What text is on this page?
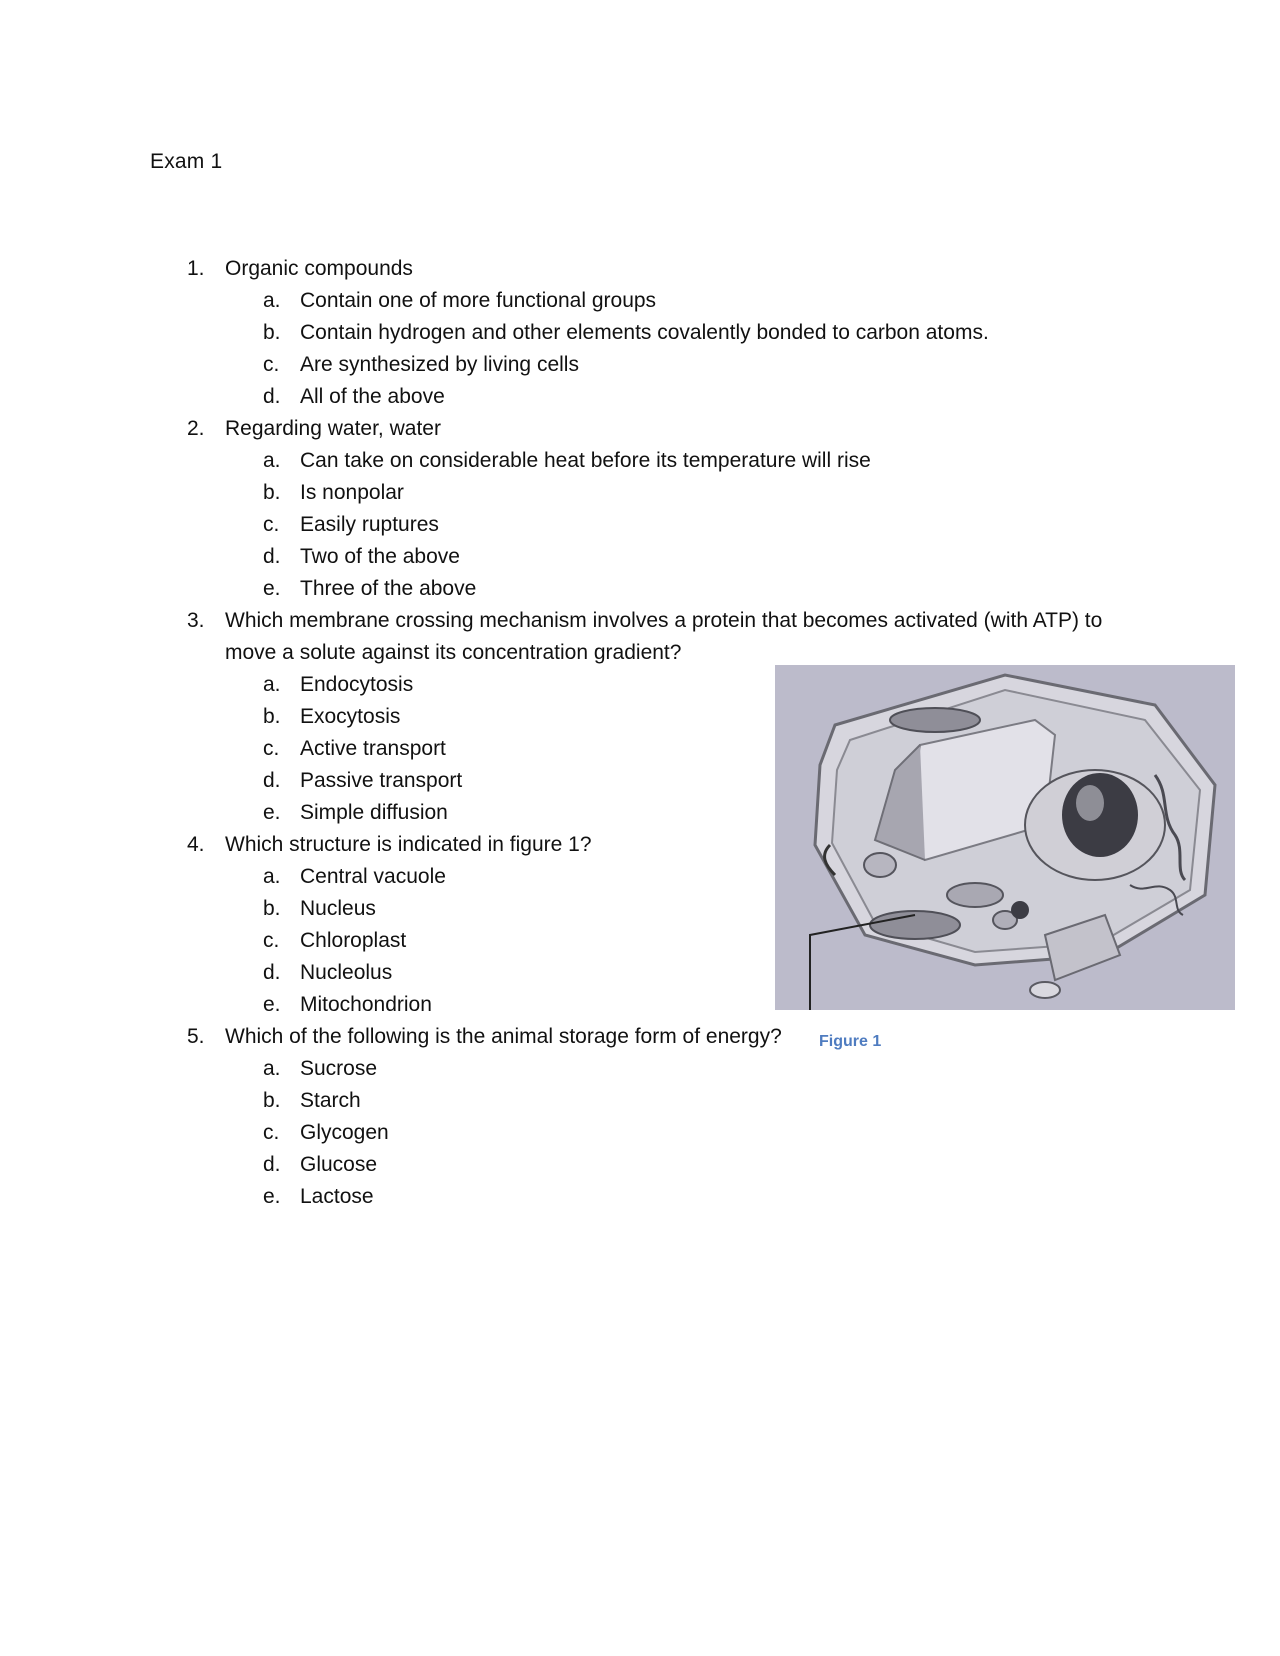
Exam 1
1. Organic compounds
a. Contain one of more functional groups
b. Contain hydrogen and other elements covalently bonded to carbon atoms.
c. Are synthesized by living cells
d. All of the above
2. Regarding water, water
a. Can take on considerable heat before its temperature will rise
b. Is nonpolar
c. Easily ruptures
d. Two of the above
e. Three of the above
3. Which membrane crossing mechanism involves a protein that becomes activated (with ATP) to
move a solute against its concentration gradient?
a. Endocytosis
b. Exocytosis
c. Active transport
d. Passive transport
e. Simple diffusion
4. Which structure is indicated in figure 1?
a. Central vacuole
b. Nucleus
c. Chloroplast
d. Nucleolus
e. Mitochondrion
5. Which of the following is the animal storage form of energy?
a. Sucrose
b. Starch
c. Glycogen
d. Glucose
e. Lactose
Figure 1
